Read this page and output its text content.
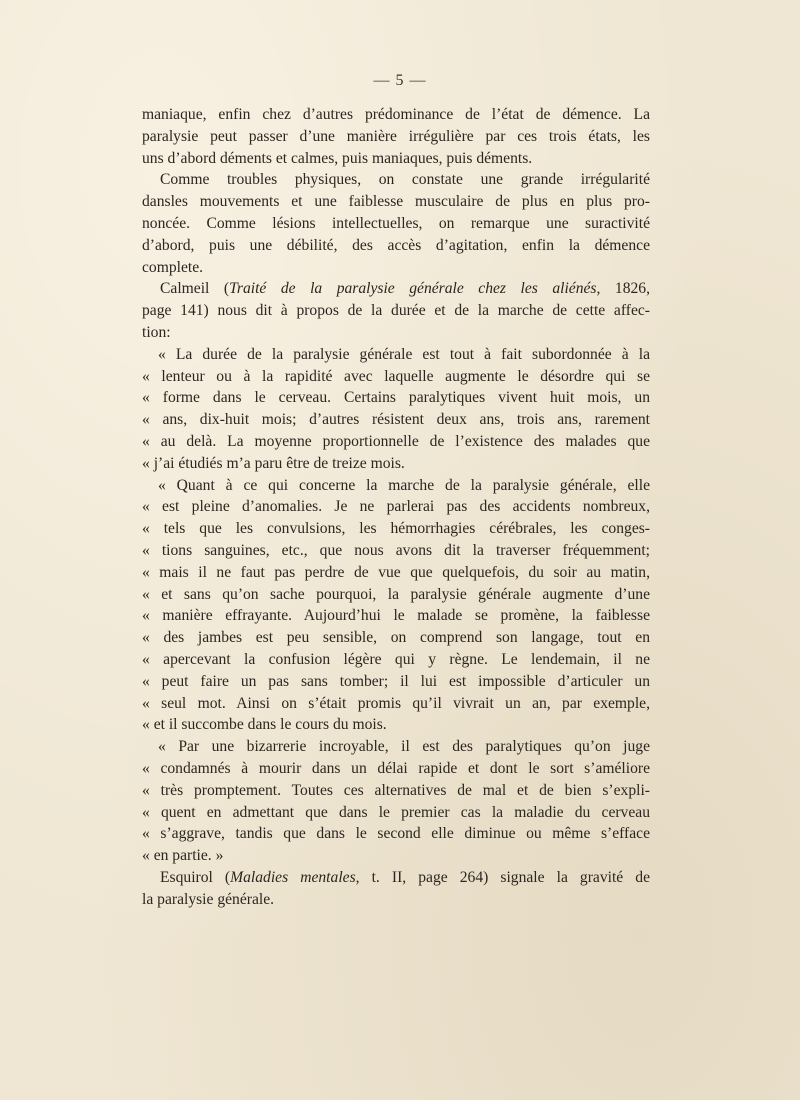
— 5 —
maniaque, enfin chez d’autres prédominance de l’état de démence. La
paralysie peut passer d’une manière irrégulière par ces trois états, les
uns d’abord déments et calmes, puis maniaques, puis déments.
Comme troubles physiques, on constate une grande irrégularité
dansles mouvements et une faiblesse musculaire de plus en plus pro-
noncée. Comme lésions intellectuelles, on remarque une suractivité
d’abord, puis une débilité, des accès d’agitation, enfin la démence
complete.
Calmeil (Traité de la paralysie générale chez les aliénés, 1826,
page 141) nous dit à propos de la durée et de la marche de cette affec-
tion:
« La durée de la paralysie générale est tout à fait subordonnée à la
« lenteur ou à la rapidité avec laquelle augmente le désordre qui se
« forme dans le cerveau. Certains paralytiques vivent huit mois, un
« ans, dix-huit mois; d’autres résistent deux ans, trois ans, rarement
« au delà. La moyenne proportionnelle de l’existence des malades que
« j’ai étudiés m’a paru être de treize mois.
« Quant à ce qui concerne la marche de la paralysie générale, elle
« est pleine d’anomalies. Je ne parlerai pas des accidents nombreux,
« tels que les convulsions, les hémorrhagies cérébrales, les conges-
« tions sanguines, etc., que nous avons dit la traverser fréquemment;
« mais il ne faut pas perdre de vue que quelquefois, du soir au matin,
« et sans qu’on sache pourquoi, la paralysie générale augmente d’une
« manière effrayante. Aujourd’hui le malade se promène, la faiblesse
« des jambes est peu sensible, on comprend son langage, tout en
« apercevant la confusion légère qui y règne. Le lendemain, il ne
« peut faire un pas sans tomber; il lui est impossible d’articuler un
« seul mot. Ainsi on s’était promis qu’il vivrait un an, par exemple,
« et il succombe dans le cours du mois.
« Par une bizarrerie incroyable, il est des paralytiques qu’on juge
« condamnés à mourir dans un délai rapide et dont le sort s’améliore
« très promptement. Toutes ces alternatives de mal et de bien s’expli-
« quent en admettant que dans le premier cas la maladie du cerveau
« s’aggrave, tandis que dans le second elle diminue ou même s’efface
« en partie. »
Esquirol (Maladies mentales, t. II, page 264) signale la gravité de
la paralysie générale.
